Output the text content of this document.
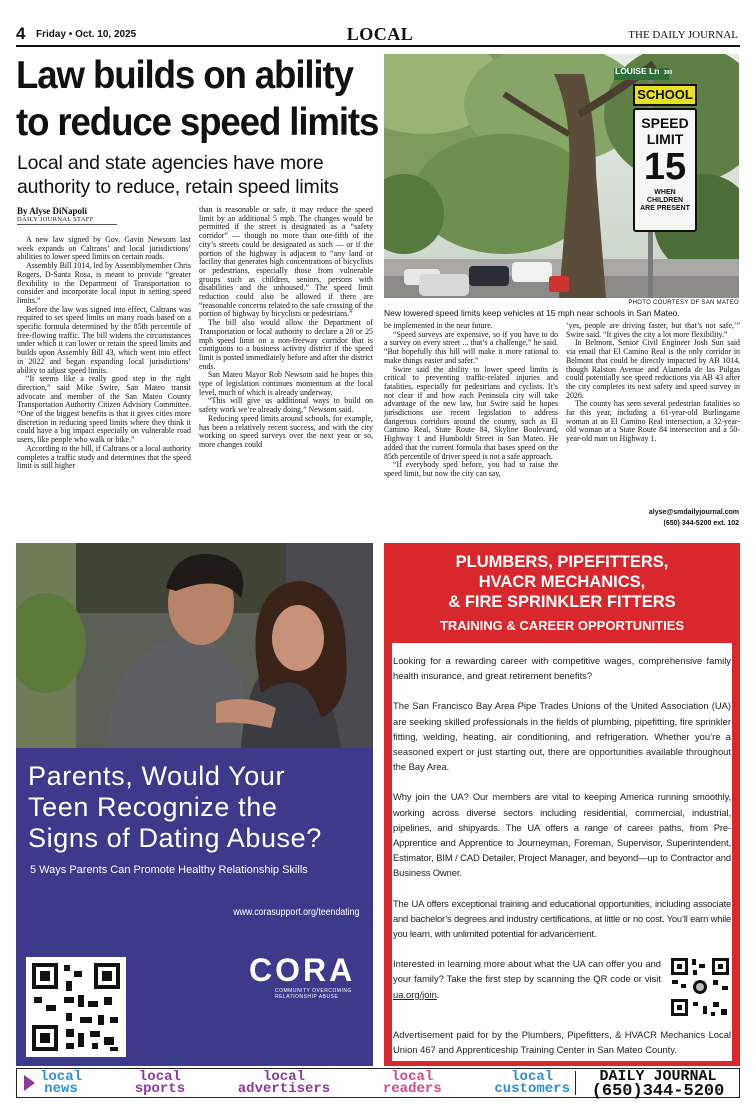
4 Friday • Oct. 10, 2025	LOCAL	THE DAILY JOURNAL
Law builds on ability
to reduce speed limits
Local and state agencies have more
authority to reduce, retain speed limits
By Alyse DiNapoli
DAILY JOURNAL STAFF

A new law signed by Gov. Gavin Newsom last week expands on Caltrans’ and local jurisdictions’ abilities to lower speed limits on certain roads.

Assembly Bill 1014, led by Assemblymember Chris Rogers, D-Santa Rosa, is meant to provide “greater flexibility to the Department of Transportation to consider and incorporate local input in setting speed limits.”

Before the law was signed into effect, Caltrans was required to set speed limits on many roads based on a specific formula determined by the 85th percentile of free-flowing traffic. The bill widens the circumstances under which it can lower or retain the speed limits and builds upon Assembly Bill 43, which went into effect in 2022 and began expanding local jurisdictions’ ability to adjust speed limits.

“It seems like a really good step in the right direction,” said Mike Swire, San Mateo transit advocate and member of the San Mateo County Transportation Authority Citizen Advisory Committee. “One of the biggest benefits is that it gives cities more discretion in reducing speed limits where they think it could have a big impact especially on vulnerable road users, like people who walk or bike.”

According to the bill, if Caltrans or a local authority completes a traffic study and determines that the speed limit is still higher

than is reasonable or safe, it may reduce the speed limit by an additional 5 mph. The changes would be permitted if the street is designated as a “safety corridor” — though no more than one-fifth of the city’s streets could be designated as such — or if the portion of the highway is adjacent to “any land or facility that generates high concentrations of bicyclists or pedestrians, especially those from vulnerable groups such as children, seniors, persons with disabilities and the unhoused.” The speed limit reduction could also be allowed if there are “reasonable concerns related to the safe crossing of the portion of highway by bicyclists or pedestrians.”

The bill also would allow the Department of Transportation or local authority to declare a 20 or 25 mph speed limit on a non-freeway corridor that is contiguous to a business activity district if the speed limit is posted immediately before and after the district ends.

San Mateo Mayor Rob Newsom said he hopes this type of legislation continues momentum at the local level, much of which is already underway.

“This will give us additional ways to build on safety work we’re already doing,” Newsom said.

Reducing speed limits around schools, for example, has been a relatively recent success, and with the city working on speed surveys over the next year or so, more changes could

LOUISE Ln 300
SCHOOL
SPEED
LIMIT
15
WHEN
CHILDREN
ARE PRESENT
PHOTO COURTESY OF SAN MATEO
New lowered speed limits keep vehicles at 15 mph near schools in San Mateo.

be implemented in the near future.

“Speed surveys are expensive, so if you have to do a survey on every street ... that’s a challenge,” he said. “But hopefully this bill will make it more rational to make things easier and safer.”

Swire said the ability to lower speed limits is critical to preventing traffic-related injuries and fatalities, especially for pedestrians and cyclists. It’s not clear if and how each Peninsula city will take advantage of the new law, but Swire said he hopes jurisdictions use recent legislation to address dangerous corridors around the county, such as El Camino Real, State Route 84, Skyline Boulevard, Highway 1 and Humboldt Street in San Mateo. He added that the current formula that bases speed on the 85th percentile of driver speed is not a safe approach.

“If everybody sped before, you had to raise the speed limit, but now the city can say,

‘yes, people are driving faster, but that’s not safe,’” Swire said. “It gives the city a lot more flexibility.”

In Belmont, Senior Civil Engineer Josh Sun said via email that El Camino Real is the only corridor in Belmont that could be directly impacted by AB 1014, though Ralston Avenue and Alameda de las Pulgas could potentially see speed reductions via AB 43 after the city completes its next safety and speed survey in 2026.

The county has seen several pedestrian fatalities so far this year, including a 61-year-old Burlingame woman at an El Camino Real intersection, a 32-year-old woman at a State Route 84 intersection and a 50-year-old man on Highway 1.

alyse@smdailyjournal.com
(650) 344-5200 ext. 102
Parents, Would Your
Teen Recognize the
Signs of Dating Abuse?
5 Ways Parents Can Promote Healthy Relationship Skills
www.corasupport.org/teendating
CORA
COMMUNITY OVERCOMING
RELATIONSHIP ABUSE
PLUMBERS, PIPEFITTERS,
HVACR MECHANICS,
& FIRE SPRINKLER FITTERS
TRAINING & CAREER OPPORTUNITIES

Looking for a rewarding career with competitive wages, comprehensive family health insurance, and great retirement benefits?

The San Francisco Bay Area Pipe Trades Unions of the United Association (UA) are seeking skilled professionals in the fields of plumbing, pipefitting, fire sprinkler fitting, welding, heating, air conditioning, and refrigeration. Whether you’re a seasoned expert or just starting out, there are opportunities available throughout the Bay Area.

Why join the UA? Our members are vital to keeping America running smoothly, working across diverse sectors including residential, commercial, industrial, pipelines, and shipyards. The UA offers a range of career paths, from Pre-Apprentice and Apprentice to Journeyman, Foreman, Supervisor, Superintendent, Estimator, BIM / CAD Detailer, Project Manager, and beyond—up to Contractor and Business Owner.

The UA offers exceptional training and educational opportunities, including associate and bachelor’s degrees and industry certifications, at little or no cost. You’ll earn while you learn, with unlimited potential for advancement.

Interested in learning more about what the UA can offer you and your family? Take the first step by scanning the QR code or visit ua.org/join.

Advertisement paid for by the Plumbers, Pipefitters, & HVACR Mechanics Local Union 467 and Apprenticeship Training Center in San Mateo County.

local
news
local
sports
local
advertisers
local
readers
local
customers
DAILY JOURNAL
(650)344-5200
